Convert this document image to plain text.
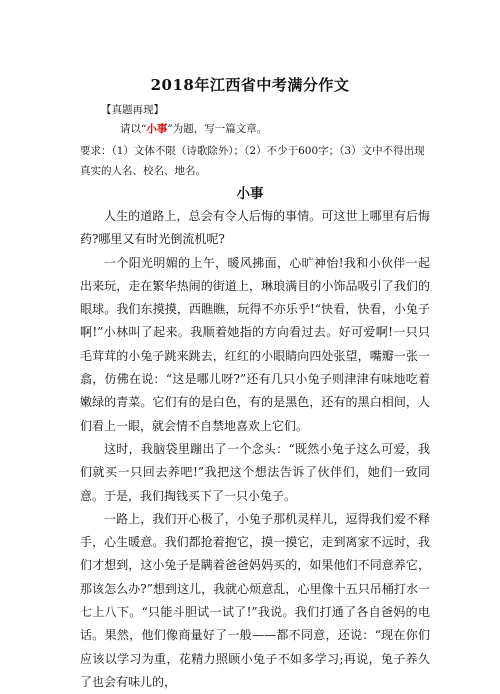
2018年江西省中考满分作文
【真题再现】
请以“小事”为题，写一篇文章。
要求：（1）文体不限（诗歌除外）；（2）不少于600字；（3）文中不得出现真实的人名、校名、地名。
小事

人生的道路上，总会有令人后悔的事情。可这世上哪里有后悔药?哪里又有时光倒流机呢?

一个阳光明媚的上午，暖风拂面，心旷神怡!我和小伙伴一起出来玩，走在繁华热闹的街道上，琳琅满目的小饰品吸引了我们的眼球。我们东摸摸，西瞧瞧，玩得不亦乐乎!“快看，快看，小兔子啊!”小林叫了起来。我顺着她指的方向看过去。好可爱啊!一只只毛茸茸的小兔子跳来跳去，红红的小眼睛向四处张望，嘴瓣一张一翕，仿佛在说：“这是哪儿呀?”还有几只小兔子则津津有味地吃着嫩绿的青菜。它们有的是白色，有的是黑色，还有的黑白相间，人们看上一眼，就会情不自禁地喜欢上它们。

这时，我脑袋里蹦出了一个念头：“既然小兔子这么可爱，我们就买一只回去养吧!”我把这个想法告诉了伙伴们，她们一致同意。于是，我们掏钱买下了一只小兔子。

一路上，我们开心极了，小兔子那机灵样儿，逗得我们爱不释手，心生暖意。我们都抢着抱它，摸一摸它，走到离家不远时，我们才想到，这小兔子是瞒着爸爸妈妈买的，如果他们不同意养它，那该怎么办?”想到这儿，我就心烦意乱，心里像十五只吊桶打水一七上八下。“只能斗胆试一试了!”我说。我们打通了各自爸妈的电话。果然，他们像商量好了一般——都不同意，还说：“现在你们应该以学习为重，花精力照顾小兔子不如多学习;再说，兔子养久了也会有味儿的，
